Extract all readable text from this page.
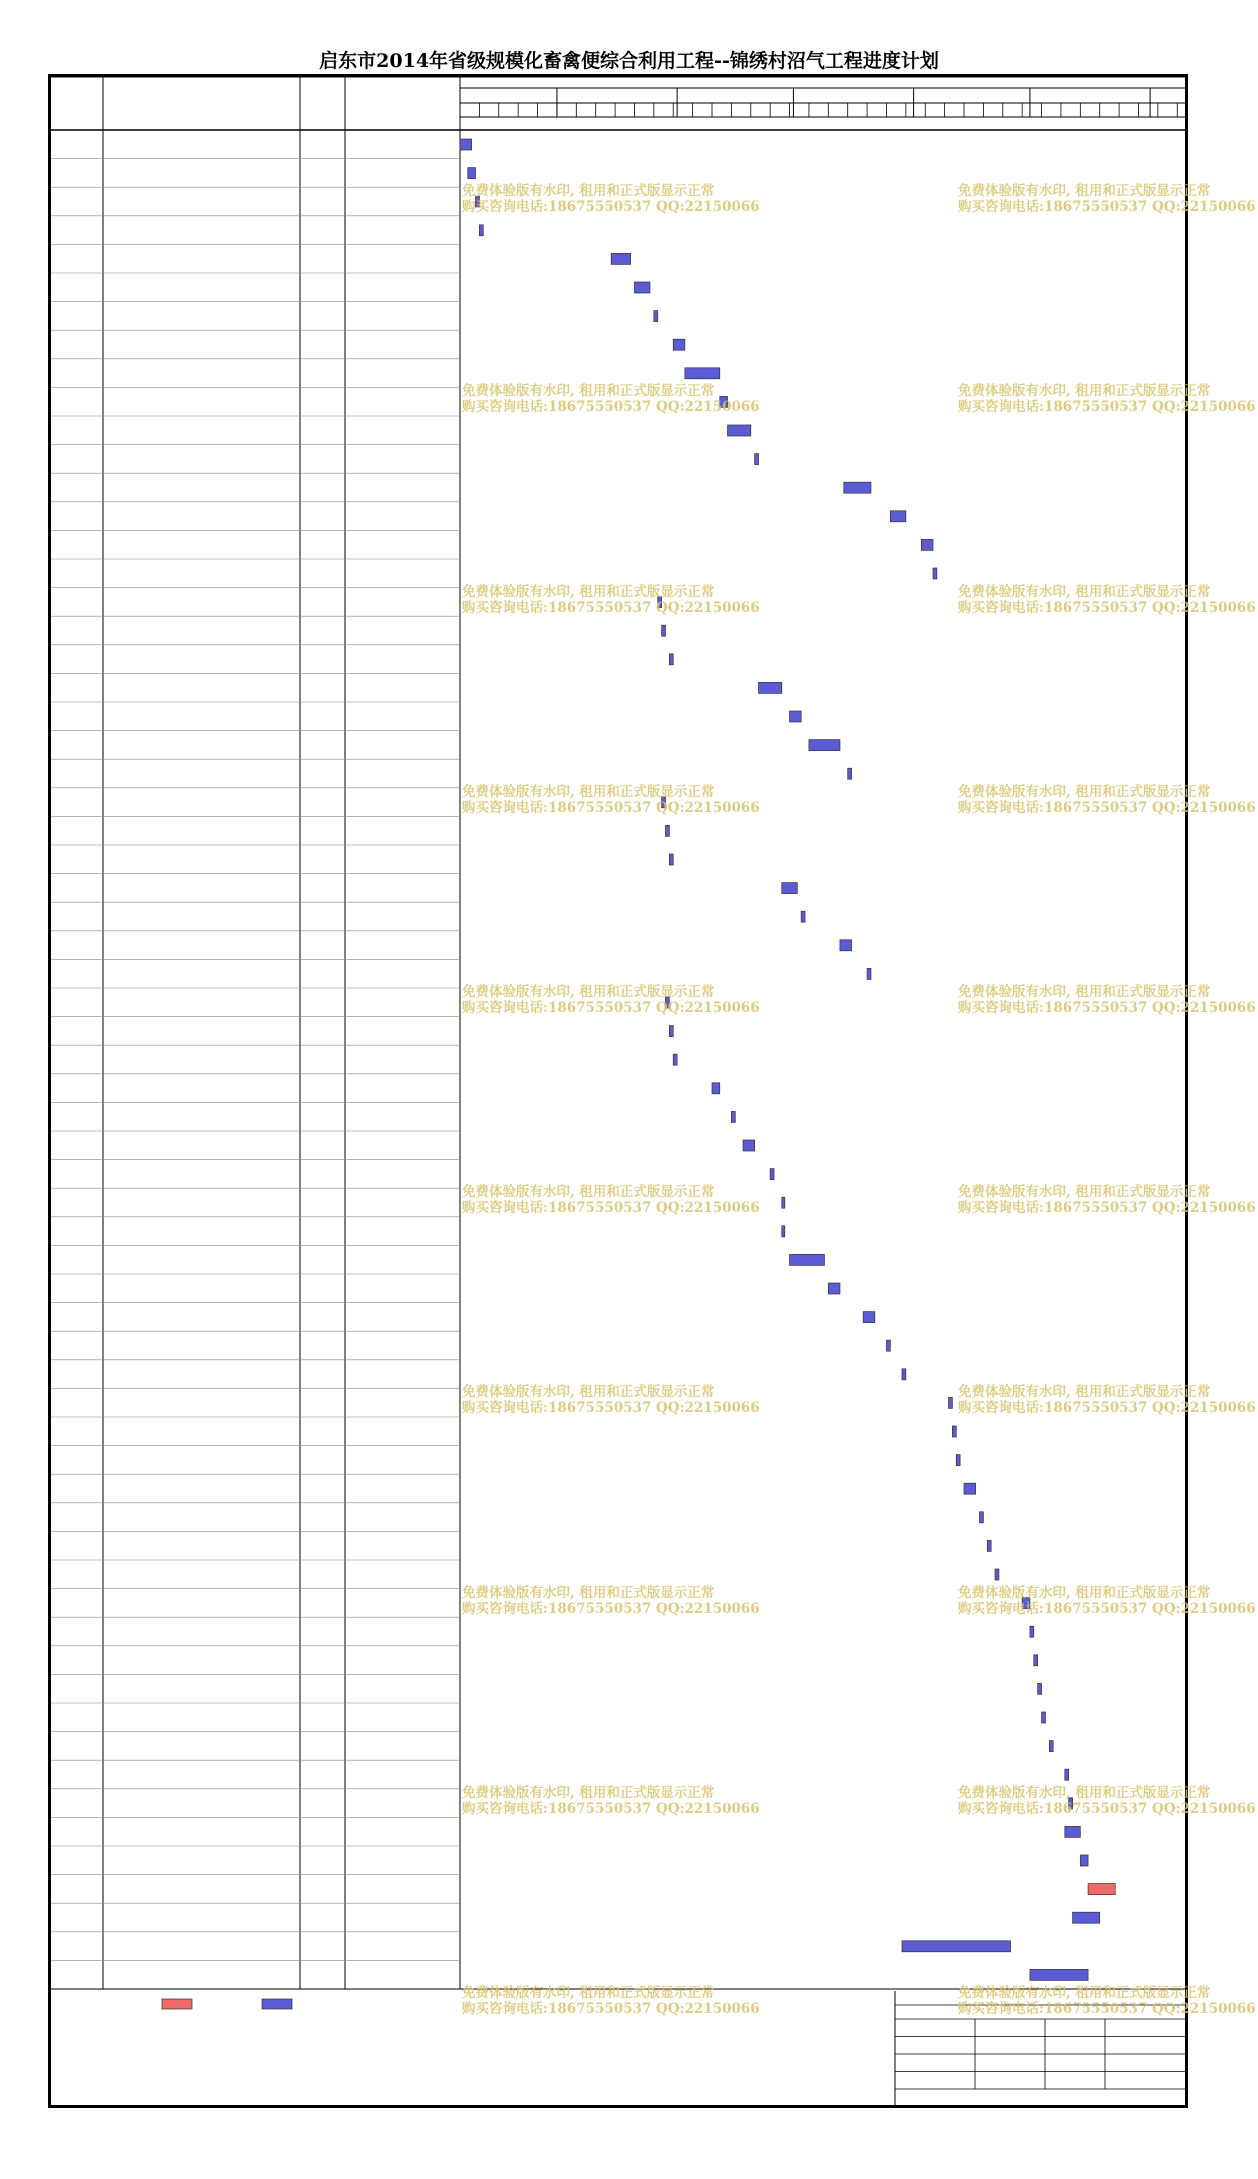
启东市2014年省级规模化畜禽便综合利用工程--锦绣村沼气工程进度计划
免费体验版有水印, 租用和正式版显示正常
购买咨询电话:18675550537 QQ:22150066
免费体验版有水印, 租用和正式版显示正常
购买咨询电话:18675550537 QQ:22150066
免费体验版有水印, 租用和正式版显示正常
购买咨询电话:18675550537 QQ:22150066
免费体验版有水印, 租用和正式版显示正常
购买咨询电话:18675550537 QQ:22150066
免费体验版有水印, 租用和正式版显示正常
购买咨询电话:18675550537 QQ:22150066
免费体验版有水印, 租用和正式版显示正常
购买咨询电话:18675550537 QQ:22150066
免费体验版有水印, 租用和正式版显示正常
购买咨询电话:18675550537 QQ:22150066
免费体验版有水印, 租用和正式版显示正常
购买咨询电话:18675550537 QQ:22150066
免费体验版有水印, 租用和正式版显示正常
购买咨询电话:18675550537 QQ:22150066
免费体验版有水印, 租用和正式版显示正常
购买咨询电话:18675550537 QQ:22150066
免费体验版有水印, 租用和正式版显示正常
购买咨询电话:18675550537 QQ:22150066
免费体验版有水印, 租用和正式版显示正常
购买咨询电话:18675550537 QQ:22150066
免费体验版有水印, 租用和正式版显示正常
购买咨询电话:18675550537 QQ:22150066
免费体验版有水印, 租用和正式版显示正常
购买咨询电话:18675550537 QQ:22150066
免费体验版有水印, 租用和正式版显示正常
购买咨询电话:18675550537 QQ:22150066
免费体验版有水印, 租用和正式版显示正常
购买咨询电话:18675550537 QQ:22150066
免费体验版有水印, 租用和正式版显示正常
购买咨询电话:18675550537 QQ:22150066
免费体验版有水印, 租用和正式版显示正常
购买咨询电话:18675550537 QQ:22150066
免费体验版有水印, 租用和正式版显示正常
购买咨询电话:18675550537 QQ:22150066
免费体验版有水印, 租用和正式版显示正常
购买咨询电话:18675550537 QQ:22150066
